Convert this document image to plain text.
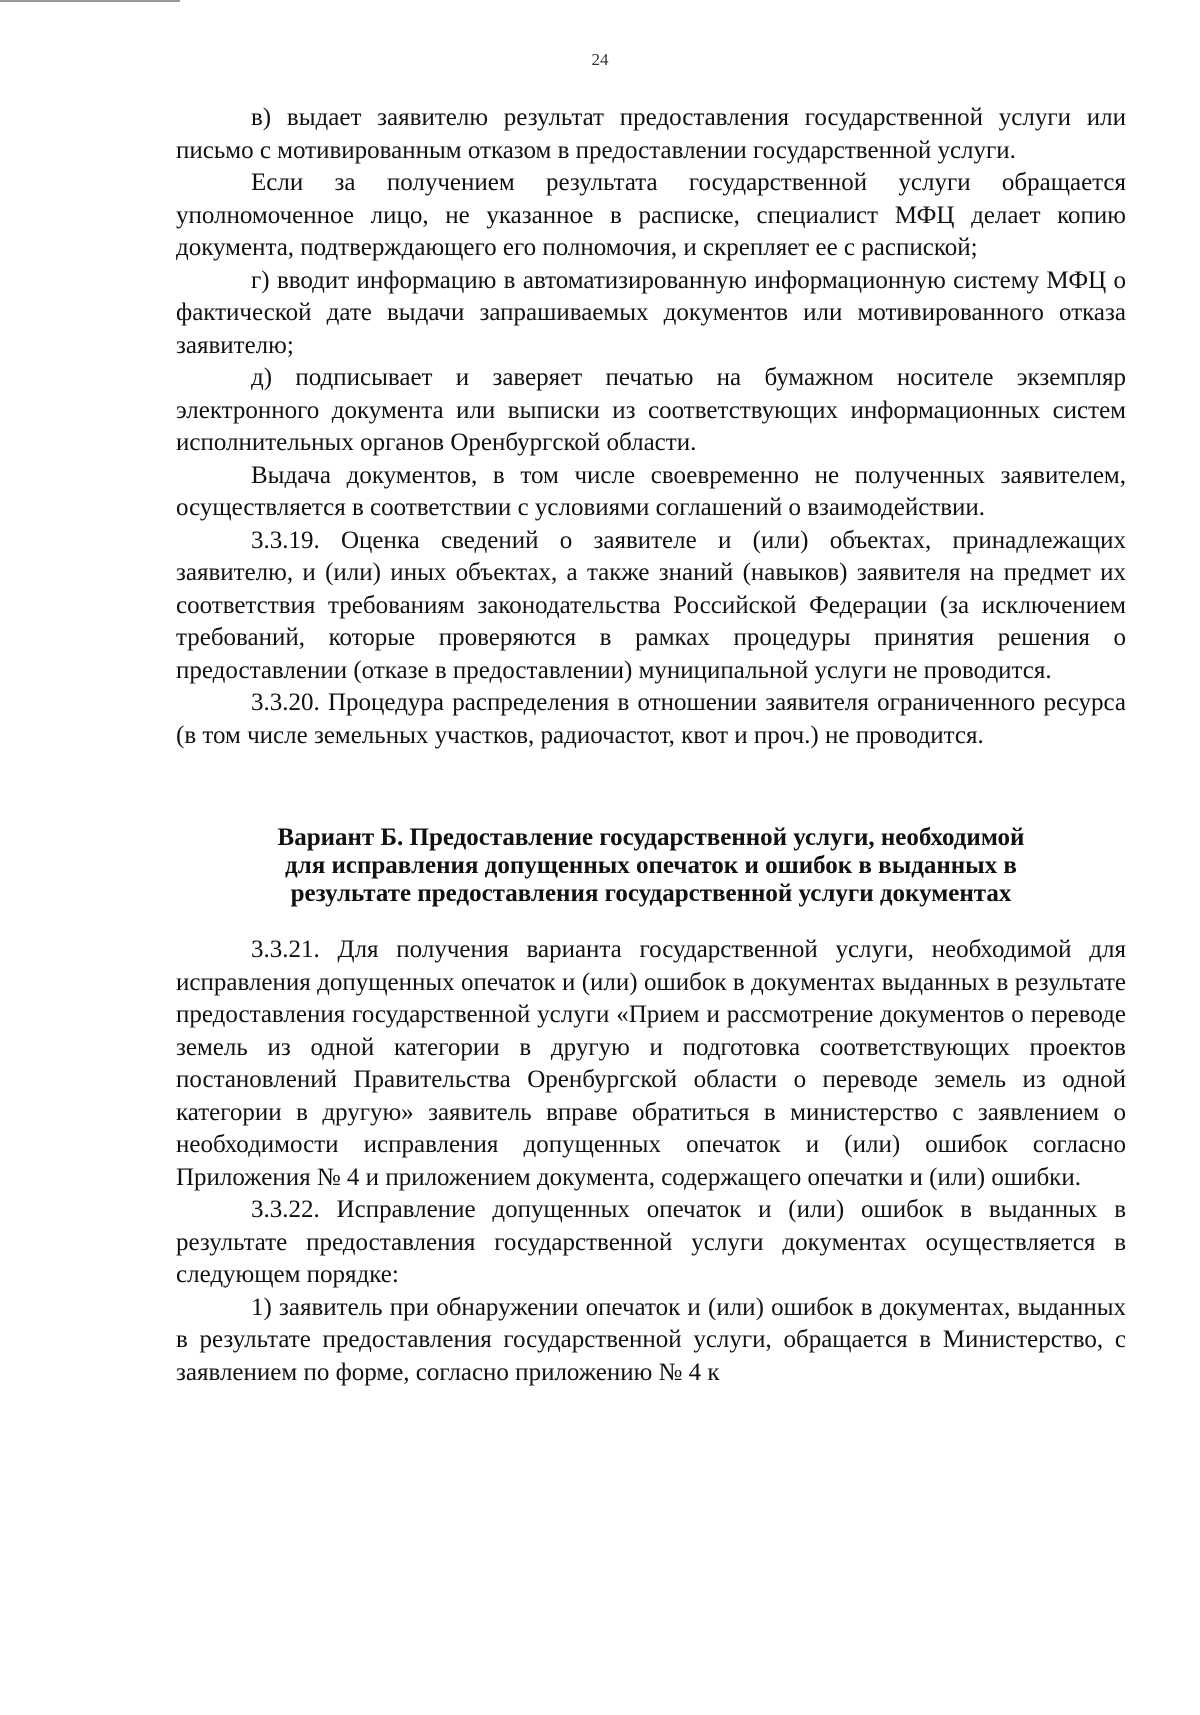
24

в) выдает заявителю результат предоставления государственной услуги или письмо с мотивированным отказом в предоставлении государственной услуги.

Если за получением результата государственной услуги обращается уполномоченное лицо, не указанное в расписке, специалист МФЦ делает копию документа, подтверждающего его полномочия, и скрепляет ее с распиской;

г) вводит информацию в автоматизированную информационную систему МФЦ о фактической дате выдачи запрашиваемых документов или мотивированного отказа заявителю;

д) подписывает и заверяет печатью на бумажном носителе экземпляр электронного документа или выписки из соответствующих информационных систем исполнительных органов Оренбургской области.

Выдача документов, в том числе своевременно не полученных заявителем, осуществляется в соответствии с условиями соглашений о взаимодействии.

3.3.19. Оценка сведений о заявителе и (или) объектах, принадлежащих заявителю, и (или) иных объектах, а также знаний (навыков) заявителя на предмет их соответствия требованиям законодательства Российской Федерации (за исключением требований, которые проверяются в рамках процедуры принятия решения о предоставлении (отказе в предоставлении) муниципальной услуги не проводится.

3.3.20. Процедура распределения в отношении заявителя ограниченного ресурса (в том числе земельных участков, радиочастот, квот и проч.) не проводится.

Вариант Б. Предоставление государственной услуги, необходимой
для исправления допущенных опечаток и ошибок в выданных в
результате предоставления государственной услуги документах

3.3.21. Для получения варианта государственной услуги, необходимой для исправления допущенных опечаток и (или) ошибок в документах выданных в результате предоставления государственной услуги «Прием и рассмотрение документов о переводе земель из одной категории в другую и подготовка соответствующих проектов постановлений Правительства Оренбургской области о переводе земель из одной категории в другую» заявитель вправе обратиться в министерство с заявлением о необходимости исправления допущенных опечаток и (или) ошибок согласно Приложения № 4 и приложением документа, содержащего опечатки и (или) ошибки.

3.3.22. Исправление допущенных опечаток и (или) ошибок в выданных в результате предоставления государственной услуги документах осуществляется в следующем порядке:

1) заявитель при обнаружении опечаток и (или) ошибок в документах, выданных в результате предоставления государственной услуги, обращается в Министерство, с заявлением по форме, согласно приложению № 4 к
